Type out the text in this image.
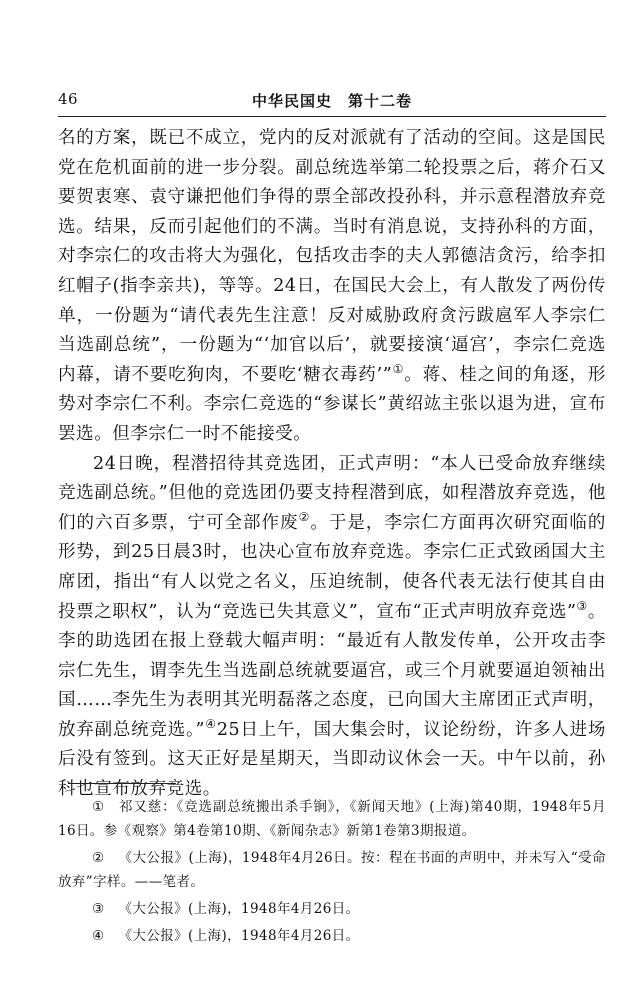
46	中华民国史　第十二卷

名的方案，既已不成立，党内的反对派就有了活动的空间。这是国民党在危机面前的进一步分裂。副总统选举第二轮投票之后，蒋介石又要贺衷寒、袁守谦把他们争得的票全部改投孙科，并示意程潜放弃竞选。结果，反而引起他们的不满。当时有消息说，支持孙科的方面，对李宗仁的攻击将大为强化，包括攻击李的夫人郭德洁贪污，给李扣红帽子(指李亲共)，等等。24日，在国民大会上，有人散发了两份传单，一份题为“请代表先生注意！反对威胁政府贪污跋扈军人李宗仁当选副总统”，一份题为“‘加官以后’，就要接演‘逼宫’，李宗仁竞选内幕，请不要吃狗肉，不要吃‘糖衣毒药’”①。蒋、桂之间的角逐，形势对李宗仁不利。李宗仁竞选的“参谋长”黄绍竑主张以退为进，宣布罢选。但李宗仁一时不能接受。

24日晚，程潜招待其竞选团，正式声明：“本人已受命放弃继续竞选副总统。”但他的竞选团仍要支持程潜到底，如程潜放弃竞选，他们的六百多票，宁可全部作废②。于是，李宗仁方面再次研究面临的形势，到25日晨3时，也决心宣布放弃竞选。李宗仁正式致函国大主席团，指出“有人以党之名义，压迫统制，使各代表无法行使其自由投票之职权”，认为“竞选已失其意义”，宣布“正式声明放弃竞选”③。李的助选团在报上登载大幅声明：“最近有人散发传单，公开攻击李宗仁先生，谓李先生当选副总统就要逼宫，或三个月就要逼迫领袖出国……李先生为表明其光明磊落之态度，已向国大主席团正式声明，放弃副总统竞选。”④25日上午，国大集会时，议论纷纷，许多人进场后没有签到。这天正好是星期天，当即动议休会一天。中午以前，孙科也宣布放弃竞选。

① 祁又慈：《竞选副总统搬出杀手锏》，《新闻天地》(上海)第40期，1948年5月16日。参《观察》第4卷第10期、《新闻杂志》新第1卷第3期报道。

② 《大公报》(上海)，1948年4月26日。按：程在书面的声明中，并未写入“受命放弃”字样。——笔者。

③ 《大公报》(上海)，1948年4月26日。

④ 《大公报》(上海)，1948年4月26日。
